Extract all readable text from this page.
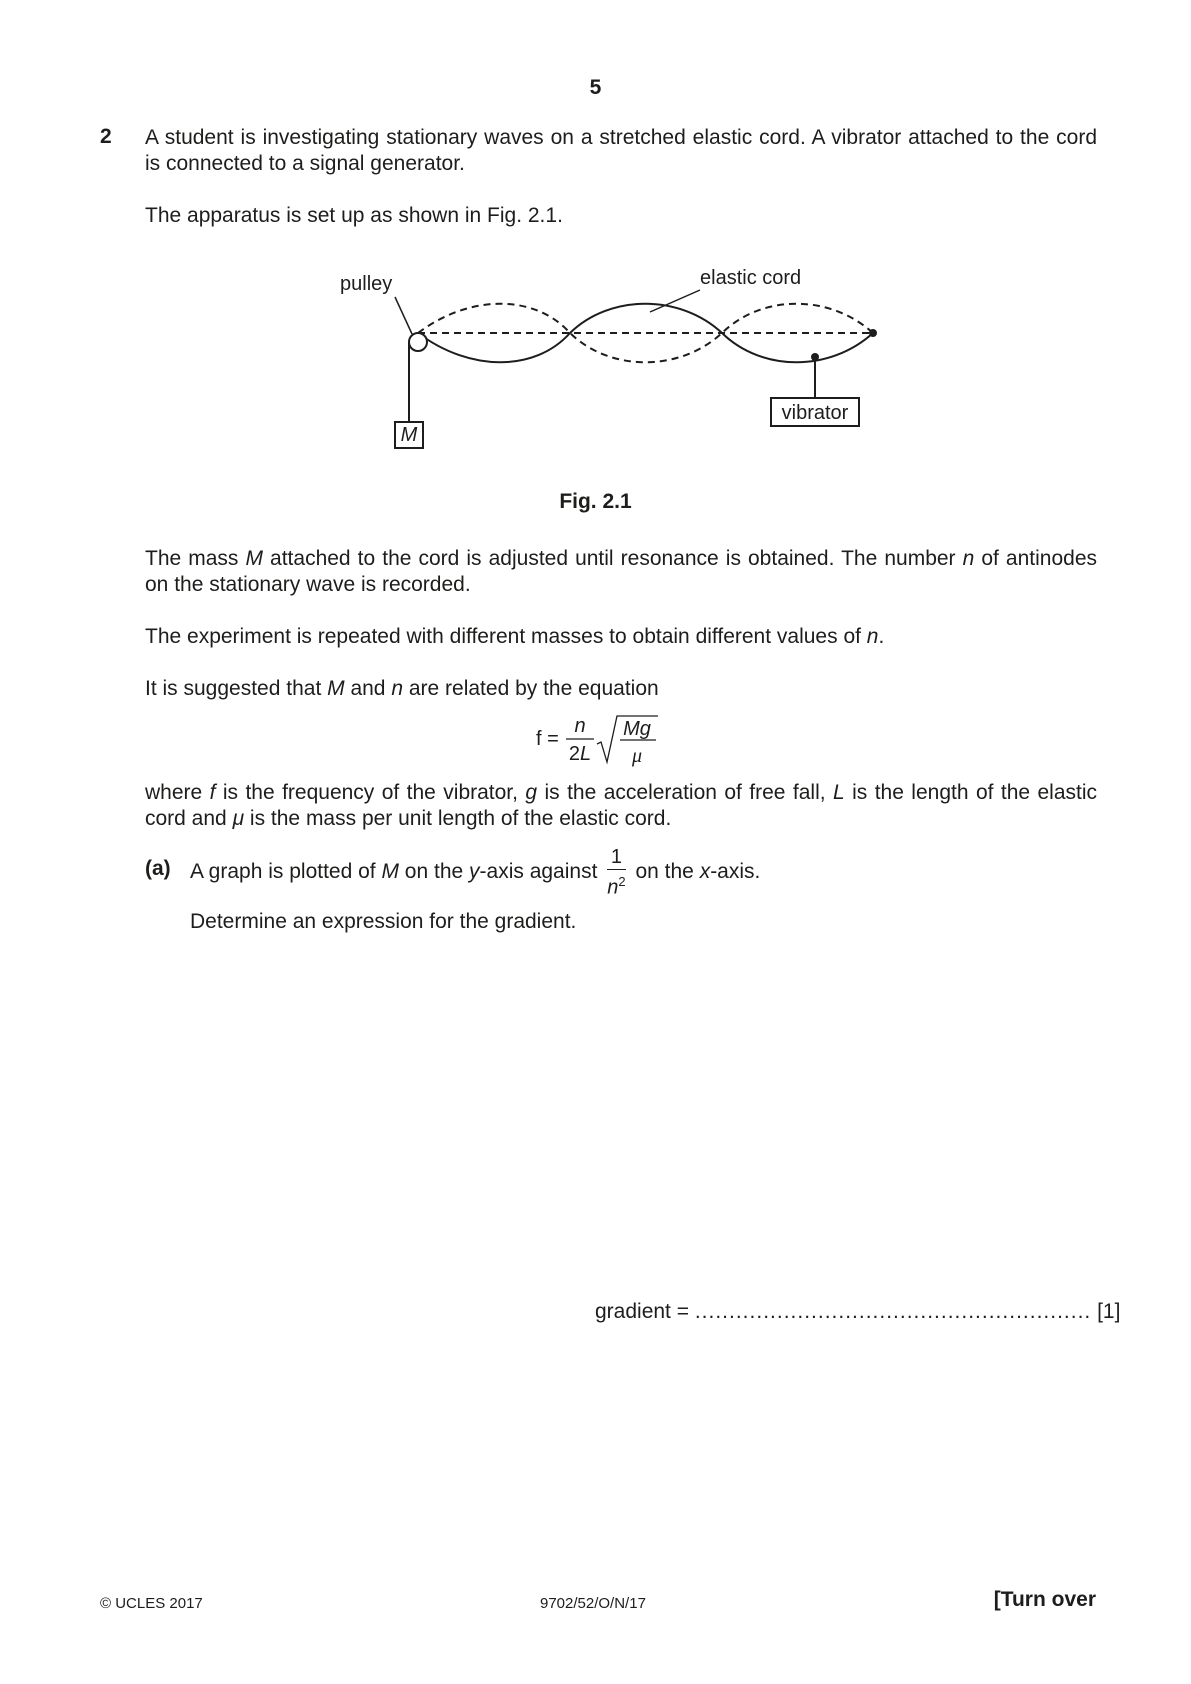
5
2 A student is investigating stationary waves on a stretched elastic cord. A vibrator attached to the cord is connected to a signal generator.
The apparatus is set up as shown in Fig. 2.1.
M
vibrator
pulley	elastic cord
Fig. 2.1
The mass M attached to the cord is adjusted until resonance is obtained. The number n of antinodes on the stationary wave is recorded.
The experiment is repeated with different masses to obtain different values of n.
It is suggested that M and n are related by the equation
f =
n
2L
Mg
μ
where f is the frequency of the vibrator, g is the acceleration of free fall, L is the length of the elastic cord and μ is the mass per unit length of the elastic cord.
(a) A graph is plotted of M on the y-axis against $\frac{1}{n^2}$ on the x-axis.
Determine an expression for the gradient.
gradient = .......................................................... [1]
© UCLES 2017	9702/52/O/N/17	[Turn over
